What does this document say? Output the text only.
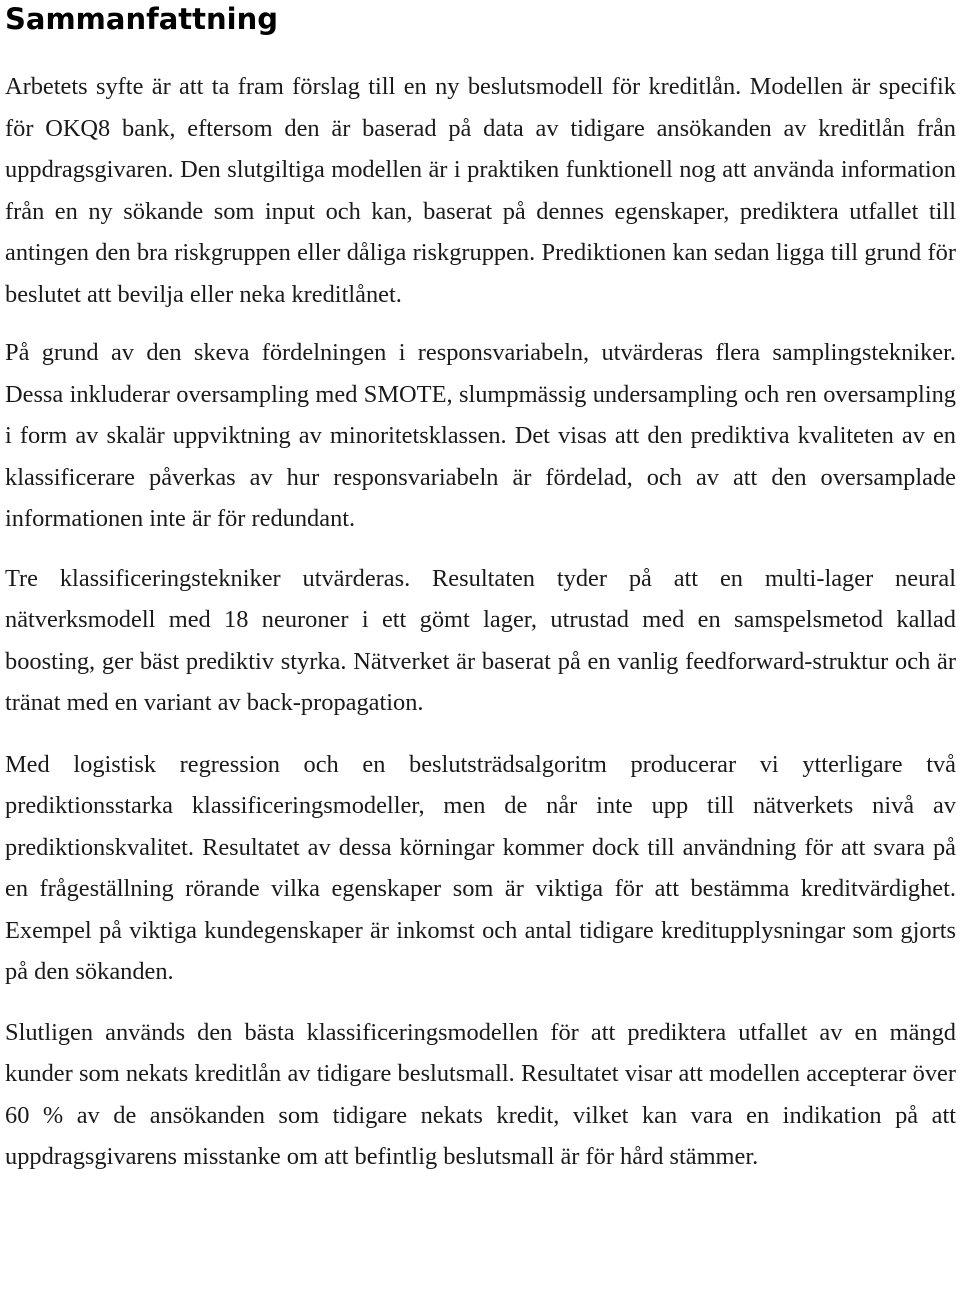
Sammanfattning

Arbetets syfte är att ta fram förslag till en ny beslutsmodell för kreditlån. Modellen är specifik för OKQ8 bank, eftersom den är baserad på data av tidigare ansökanden av kreditlån från uppdragsgivaren. Den slutgiltiga modellen är i praktiken funktionell nog att använda information från en ny sökande som input och kan, baserat på dennes egenskaper, prediktera utfallet till antingen den bra riskgruppen eller dåliga riskgruppen. Prediktionen kan sedan ligga till grund för beslutet att bevilja eller neka kreditlånet.

På grund av den skeva fördelningen i responsvariabeln, utvärderas flera samplingstekniker. Dessa inkluderar oversampling med SMOTE, slumpmässig undersampling och ren oversampling i form av skalär uppviktning av minoritetsklassen. Det visas att den prediktiva kvaliteten av en klassificerare påverkas av hur responsvariabeln är fördelad, och av att den oversamplade informationen inte är för redundant.

Tre klassificeringstekniker utvärderas. Resultaten tyder på att en multi-lager neural nätverksmodell med 18 neuroner i ett gömt lager, utrustad med en samspelsmetod kallad boosting, ger bäst prediktiv styrka. Nätverket är baserat på en vanlig feedforward-struktur och är tränat med en variant av back-propagation.

Med logistisk regression och en beslutsträdsalgoritm producerar vi ytterligare två prediktionsstarka klassificeringsmodeller, men de når inte upp till nätverkets nivå av prediktionskvalitet. Resultatet av dessa körningar kommer dock till användning för att svara på en frågeställning rörande vilka egenskaper som är viktiga för att bestämma kreditvärdighet. Exempel på viktiga kundegenskaper är inkomst och antal tidigare kreditupplysningar som gjorts på den sökanden.

Slutligen används den bästa klassificeringsmodellen för att prediktera utfallet av en mängd kunder som nekats kreditlån av tidigare beslutsmall. Resultatet visar att modellen accepterar över 60 % av de ansökanden som tidigare nekats kredit, vilket kan vara en indikation på att uppdragsgivarens misstanke om att befintlig beslutsmall är för hård stämmer.
